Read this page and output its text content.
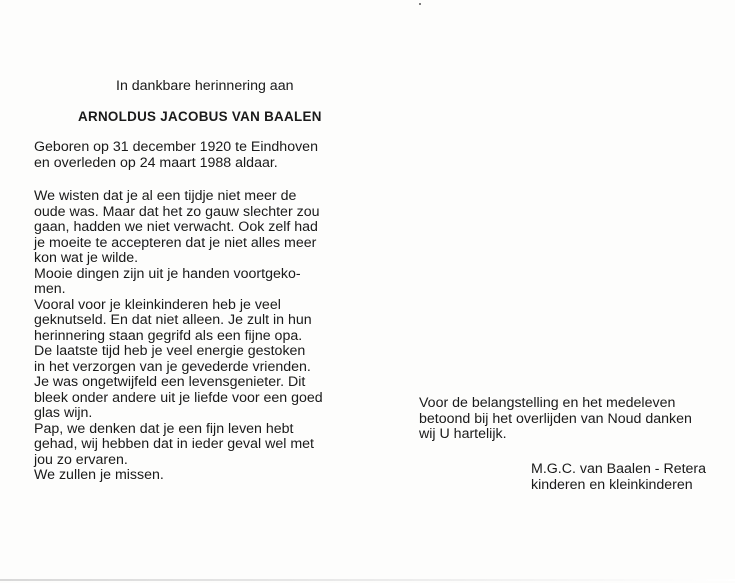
In dankbare herinnering aan
ARNOLDUS JACOBUS VAN BAALEN

Geboren op 31 december 1920 te Eindhoven

en overleden op 24 maart 1988 aldaar.

We wisten dat je al een tijdje niet meer de

oude was. Maar dat het zo gauw slechter zou

gaan, hadden we niet verwacht. Ook zelf had

je moeite te accepteren dat je niet alles meer

kon wat je wilde.

Mooie dingen zijn uit je handen voortgeko-

men.

Vooral voor je kleinkinderen heb je veel

geknutseld. En dat niet alleen. Je zult in hun

herinnering staan gegrifd als een fijne opa.

De laatste tijd heb je veel energie gestoken

in het verzorgen van je gevederde vrienden.

Je was ongetwijfeld een levensgenieter. Dit

bleek onder andere uit je liefde voor een goed

glas wijn.

Pap, we denken dat je een fijn leven hebt

gehad, wij hebben dat in ieder geval wel met

jou zo ervaren.

We zullen je missen.

Voor de belangstelling en het medeleven

betoond bij het overlijden van Noud danken

wij U hartelijk.

M.G.C. van Baalen - Retera

kinderen en kleinkinderen
